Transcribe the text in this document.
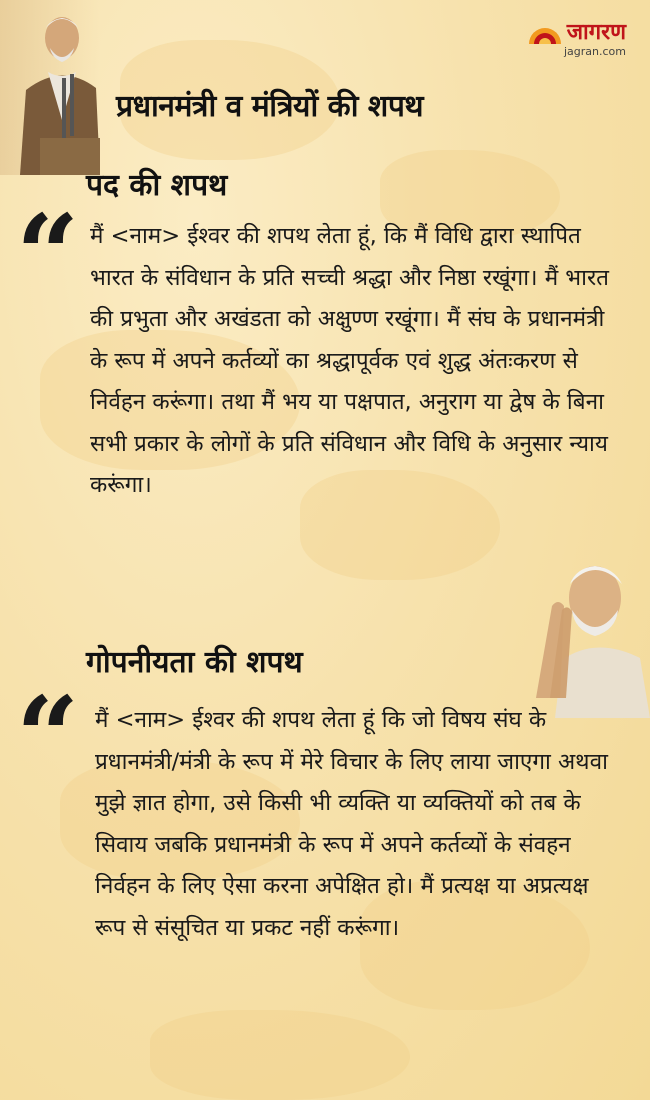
जागरण
jagran.com
प्रधानमंत्री व मंत्रियों की शपथ
पद की शपथ
“ मैं <नाम> ईश्वर की शपथ लेता हूं, कि मैं विधि द्वारा स्थापित भारत के संविधान के प्रति सच्ची श्रद्धा और निष्ठा रखूंगा। मैं भारत की प्रभुता और अखंडता को अक्षुण्ण रखूंगा। मैं संघ के प्रधानमंत्री के रूप में अपने कर्तव्यों का श्रद्धापूर्वक एवं शुद्ध अंतःकरण से निर्वहन करूंगा। तथा मैं भय या पक्षपात, अनुराग या द्वेष के बिना सभी प्रकार के लोगों के प्रति संविधान और विधि के अनुसार न्याय करूंगा।

गोपनीयता की शपथ
“ मैं <नाम> ईश्वर की शपथ लेता हूं कि जो विषय संघ के प्रधानमंत्री/मंत्री के रूप में मेरे विचार के लिए लाया जाएगा अथवा मुझे ज्ञात होगा, उसे किसी भी व्यक्ति या व्यक्तियों को तब के सिवाय जबकि प्रधानमंत्री के रूप में अपने कर्तव्यों के संवहन निर्वहन के लिए ऐसा करना अपेक्षित हो। मैं प्रत्यक्ष या अप्रत्यक्ष रूप से संसूचित या प्रकट नहीं करूंगा।
